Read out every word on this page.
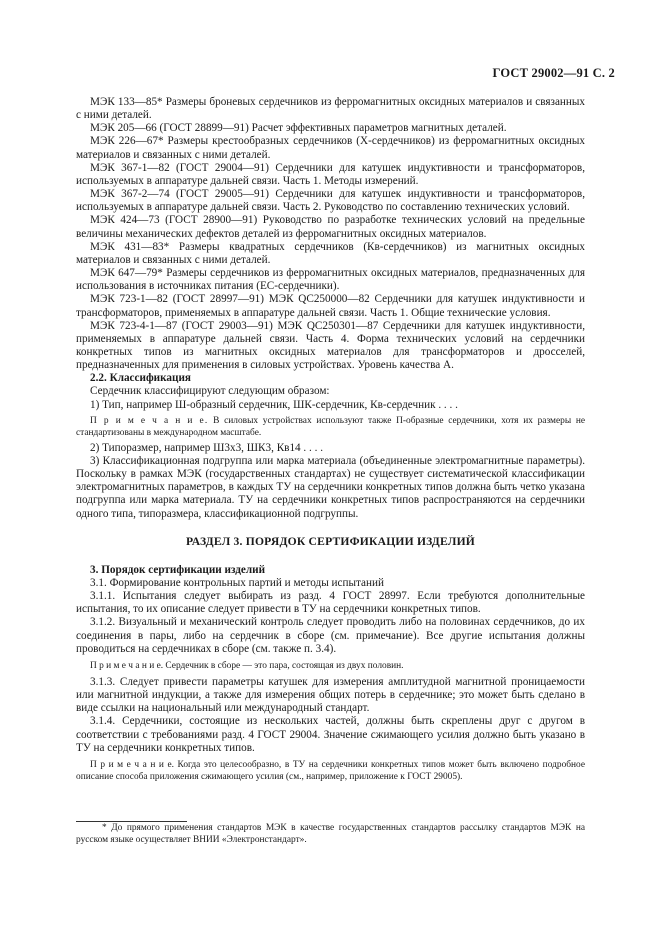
ГОСТ 29002—91 С. 2

МЭК 133—85* Размеры броневых сердечников из ферромагнитных оксидных материалов и связанных с ними деталей.

МЭК 205—66 (ГОСТ 28899—91) Расчет эффективных параметров магнитных деталей.

МЭК 226—67* Размеры крестообразных сердечников (Х-сердечников) из ферромагнитных оксидных материалов и связанных с ними деталей.

МЭК 367-1—82 (ГОСТ 29004—91) Сердечники для катушек индуктивности и трансформаторов, используемых в аппаратуре дальней связи. Часть 1. Методы измерений.

МЭК 367-2—74 (ГОСТ 29005—91) Сердечники для катушек индуктивности и трансформаторов, используемых в аппаратуре дальней связи. Часть 2. Руководство по составлению технических условий.

МЭК 424—73 (ГОСТ 28900—91) Руководство по разработке технических условий на предельные величины механических дефектов деталей из ферромагнитных оксидных материалов.

МЭК 431—83* Размеры квадратных сердечников (Кв-сердечников) из магнитных оксидных материалов и связанных с ними деталей.

МЭК 647—79* Размеры сердечников из ферромагнитных оксидных материалов, предназначенных для использования в источниках питания (ЕС-сердечники).

МЭК 723-1—82 (ГОСТ 28997—91) МЭК QC250000—82 Сердечники для катушек индуктивности и трансформаторов, применяемых в аппаратуре дальней связи. Часть 1. Общие технические условия.

МЭК 723-4-1—87 (ГОСТ 29003—91) МЭК QC250301—87 Сердечники для катушек индуктивности, применяемых в аппаратуре дальней связи. Часть 4. Форма технических условий на сердечники конкретных типов из магнитных оксидных материалов для трансформаторов и дросселей, предназначенных для применения в силовых устройствах. Уровень качества А.

2.2. Классификация

Сердечник классифицируют следующим образом:

1) Тип, например Ш-образный сердечник, ШК-сердечник, Кв-сердечник . . . .

П р и м е ч а н и е. В силовых устройствах используют также П-образные сердечники, хотя их размеры не стандартизованы в международном масштабе.

2) Типоразмер, например Ш3х3, ШК3, Кв14 . . . .

3) Классификационная подгруппа или марка материала (объединенные электромагнитные параметры). Поскольку в рамках МЭК (государственных стандартах) не существует систематической классификации электромагнитных параметров, в каждых ТУ на сердечники конкретных типов должна быть четко указана подгруппа или марка материала. ТУ на сердечники конкретных типов распространяются на сердечники одного типа, типоразмера, классификационной подгруппы.

РАЗДЕЛ 3. ПОРЯДОК СЕРТИФИКАЦИИ ИЗДЕЛИЙ

3. Порядок сертификации изделий

3.1. Формирование контрольных партий и методы испытаний

3.1.1. Испытания следует выбирать из разд. 4 ГОСТ 28997. Если требуются дополнительные испытания, то их описание следует привести в ТУ на сердечники конкретных типов.

3.1.2. Визуальный и механический контроль следует проводить либо на половинах сердечников, до их соединения в пары, либо на сердечник в сборе (см. примечание). Все другие испытания должны проводиться на сердечниках в сборе (см. также п. 3.4).

П р и м е ч а н и е. Сердечник в сборе — это пара, состоящая из двух половин.

3.1.3. Следует привести параметры катушек для измерения амплитудной магнитной проницаемости или магнитной индукции, а также для измерения общих потерь в сердечнике; это может быть сделано в виде ссылки на национальный или международный стандарт.

3.1.4. Сердечники, состоящие из нескольких частей, должны быть скреплены друг с другом в соответствии с требованиями разд. 4 ГОСТ 29004. Значение сжимающего усилия должно быть указано в ТУ на сердечники конкретных типов.

П р и м е ч а н и е. Когда это целесообразно, в ТУ на сердечники конкретных типов может быть включено подробное описание способа приложения сжимающего усилия (см., например, приложение к ГОСТ 29005).

* До прямого применения стандартов МЭК в качестве государственных стандартов рассылку стандартов МЭК на русском языке осуществляет ВНИИ «Электронстандарт».
